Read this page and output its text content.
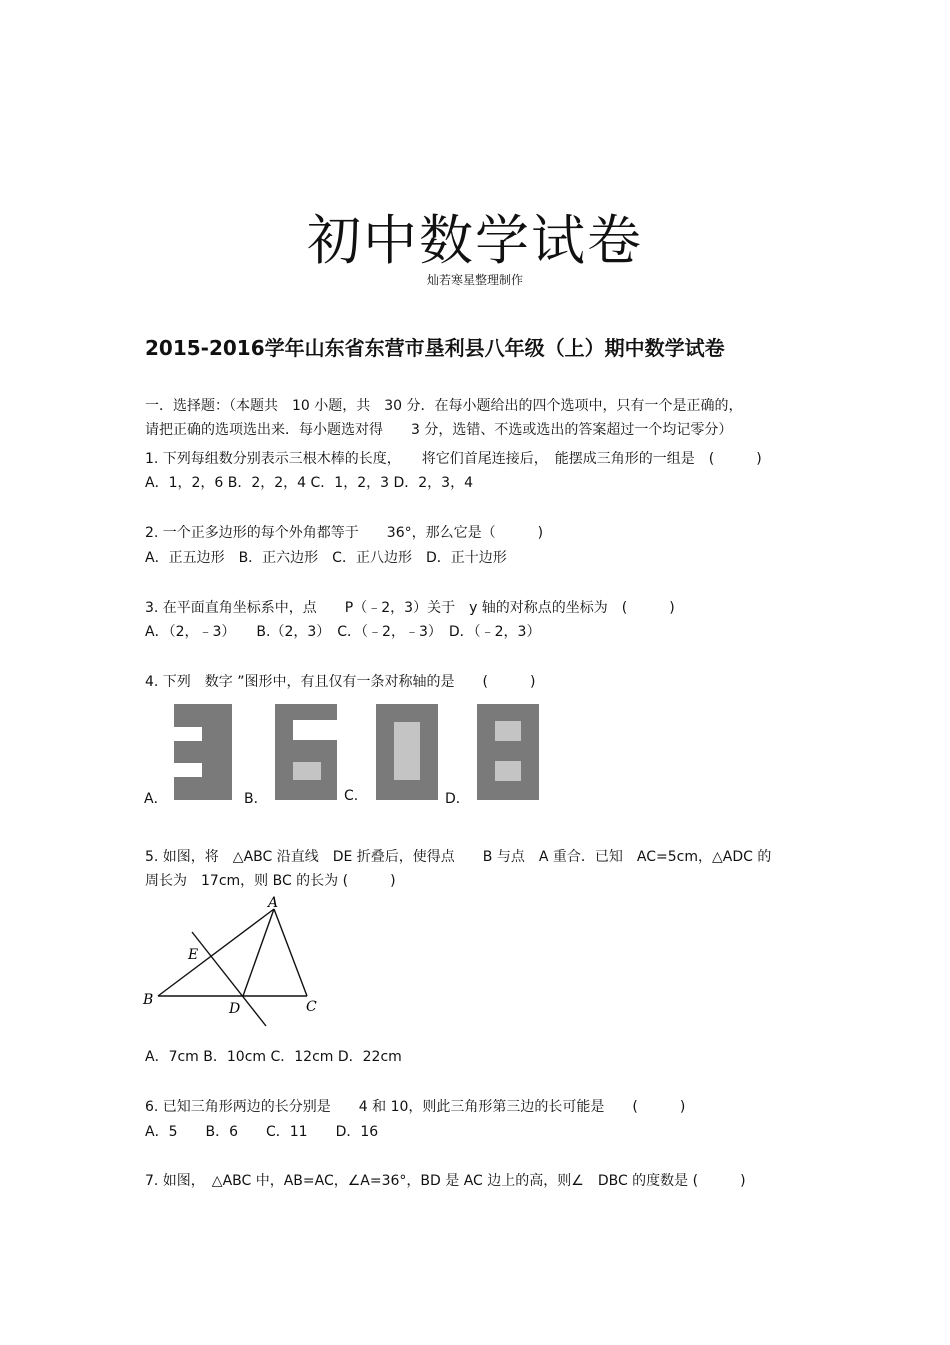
初中数学试卷
灿若寒星整理制作
2015-2016学年山东省东营市垦利县八年级（上）期中数学试卷
一．选择题：（本题共　10 小题，共　30 分．在每小题给出的四个选项中，只有一个是正确的，
请把正确的选项选出来．每小题选对得　　3 分，选错、不选或选出的答案超过一个均记零分）
1. 下列每组数分别表示三根木棒的长度，　　将它们首尾连接后，　能摆成三角形的一组是　(　　　)
A．1，2，6 B．2，2，4 C．1，2，3 D．2，3，4
2. 一个正多边形的每个外角都等于　　36°，那么它是（　　　)
A．正五边形　B．正六边形　C．正八边形　D．正十边形
3. 在平面直角坐标系中，点　　P（﹣2，3）关于　y 轴的对称点的坐标为　(　　　)
A．（2，﹣3）　　B.（2，3）　C．（﹣2，﹣3）　D．（﹣2，3）
4. 下列　数字 ”图形中，有且仅有一条对称轴的是　　(　　　)
A．	B．	C.	D．
5. 如图，将　△ABC 沿直线　DE 折叠后，使得点　　B 与点　A 重合．已知　AC=5cm，△ADC 的
周长为　17cm，则 BC 的长为 (　　　)
A
B	C
D
E
A．7cm B．10cm C．12cm D．22cm
6. 已知三角形两边的长分别是　　4 和 10，则此三角形第三边的长可能是　　(　　　)
A．5　　B．6　　C．11　　D．16
7. 如图，　△ABC 中，AB=AC，∠A=36°，BD 是 AC 边上的高，则∠　DBC 的度数是 (　　　)
